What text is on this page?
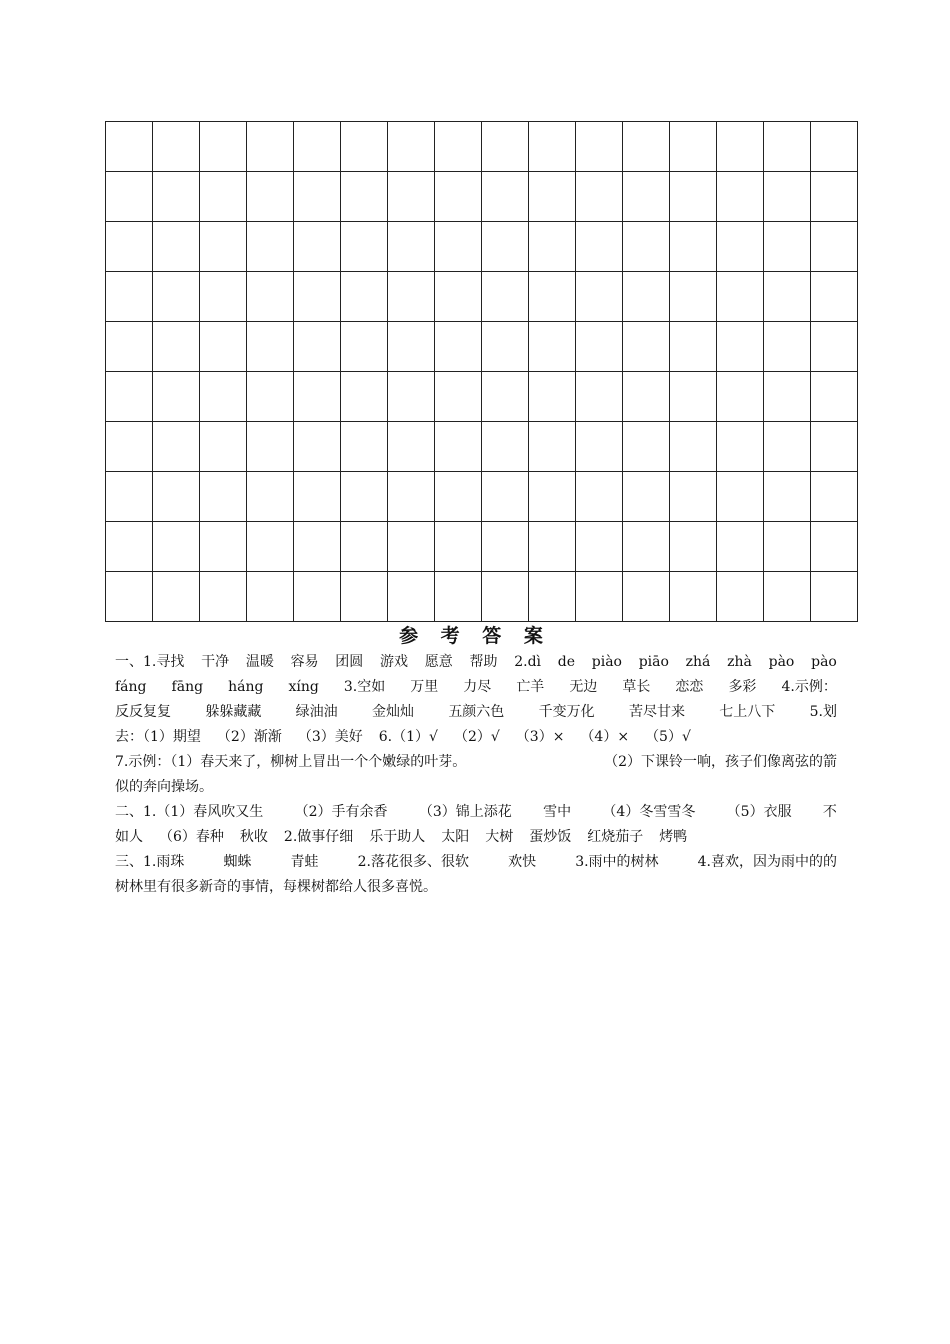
参 考 答 案
一、1.寻找 干净 温暖 容易 团圆 游戏 愿意 帮助 2.dì de piào piāo zhá zhà pào pào
fáng fāng háng xíng 3.空如 万里 力尽 亡羊 无边 草长 恋恋 多彩 4.示例：
反反复复 躲躲藏藏 绿油油 金灿灿 五颜六色 千变万化 苦尽甘来 七上八下 5.划
去：（1）期望 （2）渐渐 （3）美好 6.（1）√ （2）√ （3）× （4）× （5）√
7.示例：（1）春天来了，柳树上冒出一个个嫩绿的叶芽。	（2）下课铃一响，孩子们像离弦的箭
似的奔向操场。
二、1.（1）春风吹又生 （2）手有余香 （3）锦上添花 雪中 （4）冬雪雪冬 （5）衣服 不
如人 （6）春种 秋收 2.做事仔细 乐于助人 太阳 大树 蛋炒饭 红烧茄子 烤鸭
三、1.雨珠	蜘蛛	青蛙	2.落花很多、很软	欢快	3.雨中的树林	4.喜欢，因为雨中的的
树林里有很多新奇的事情，每棵树都给人很多喜悦。
